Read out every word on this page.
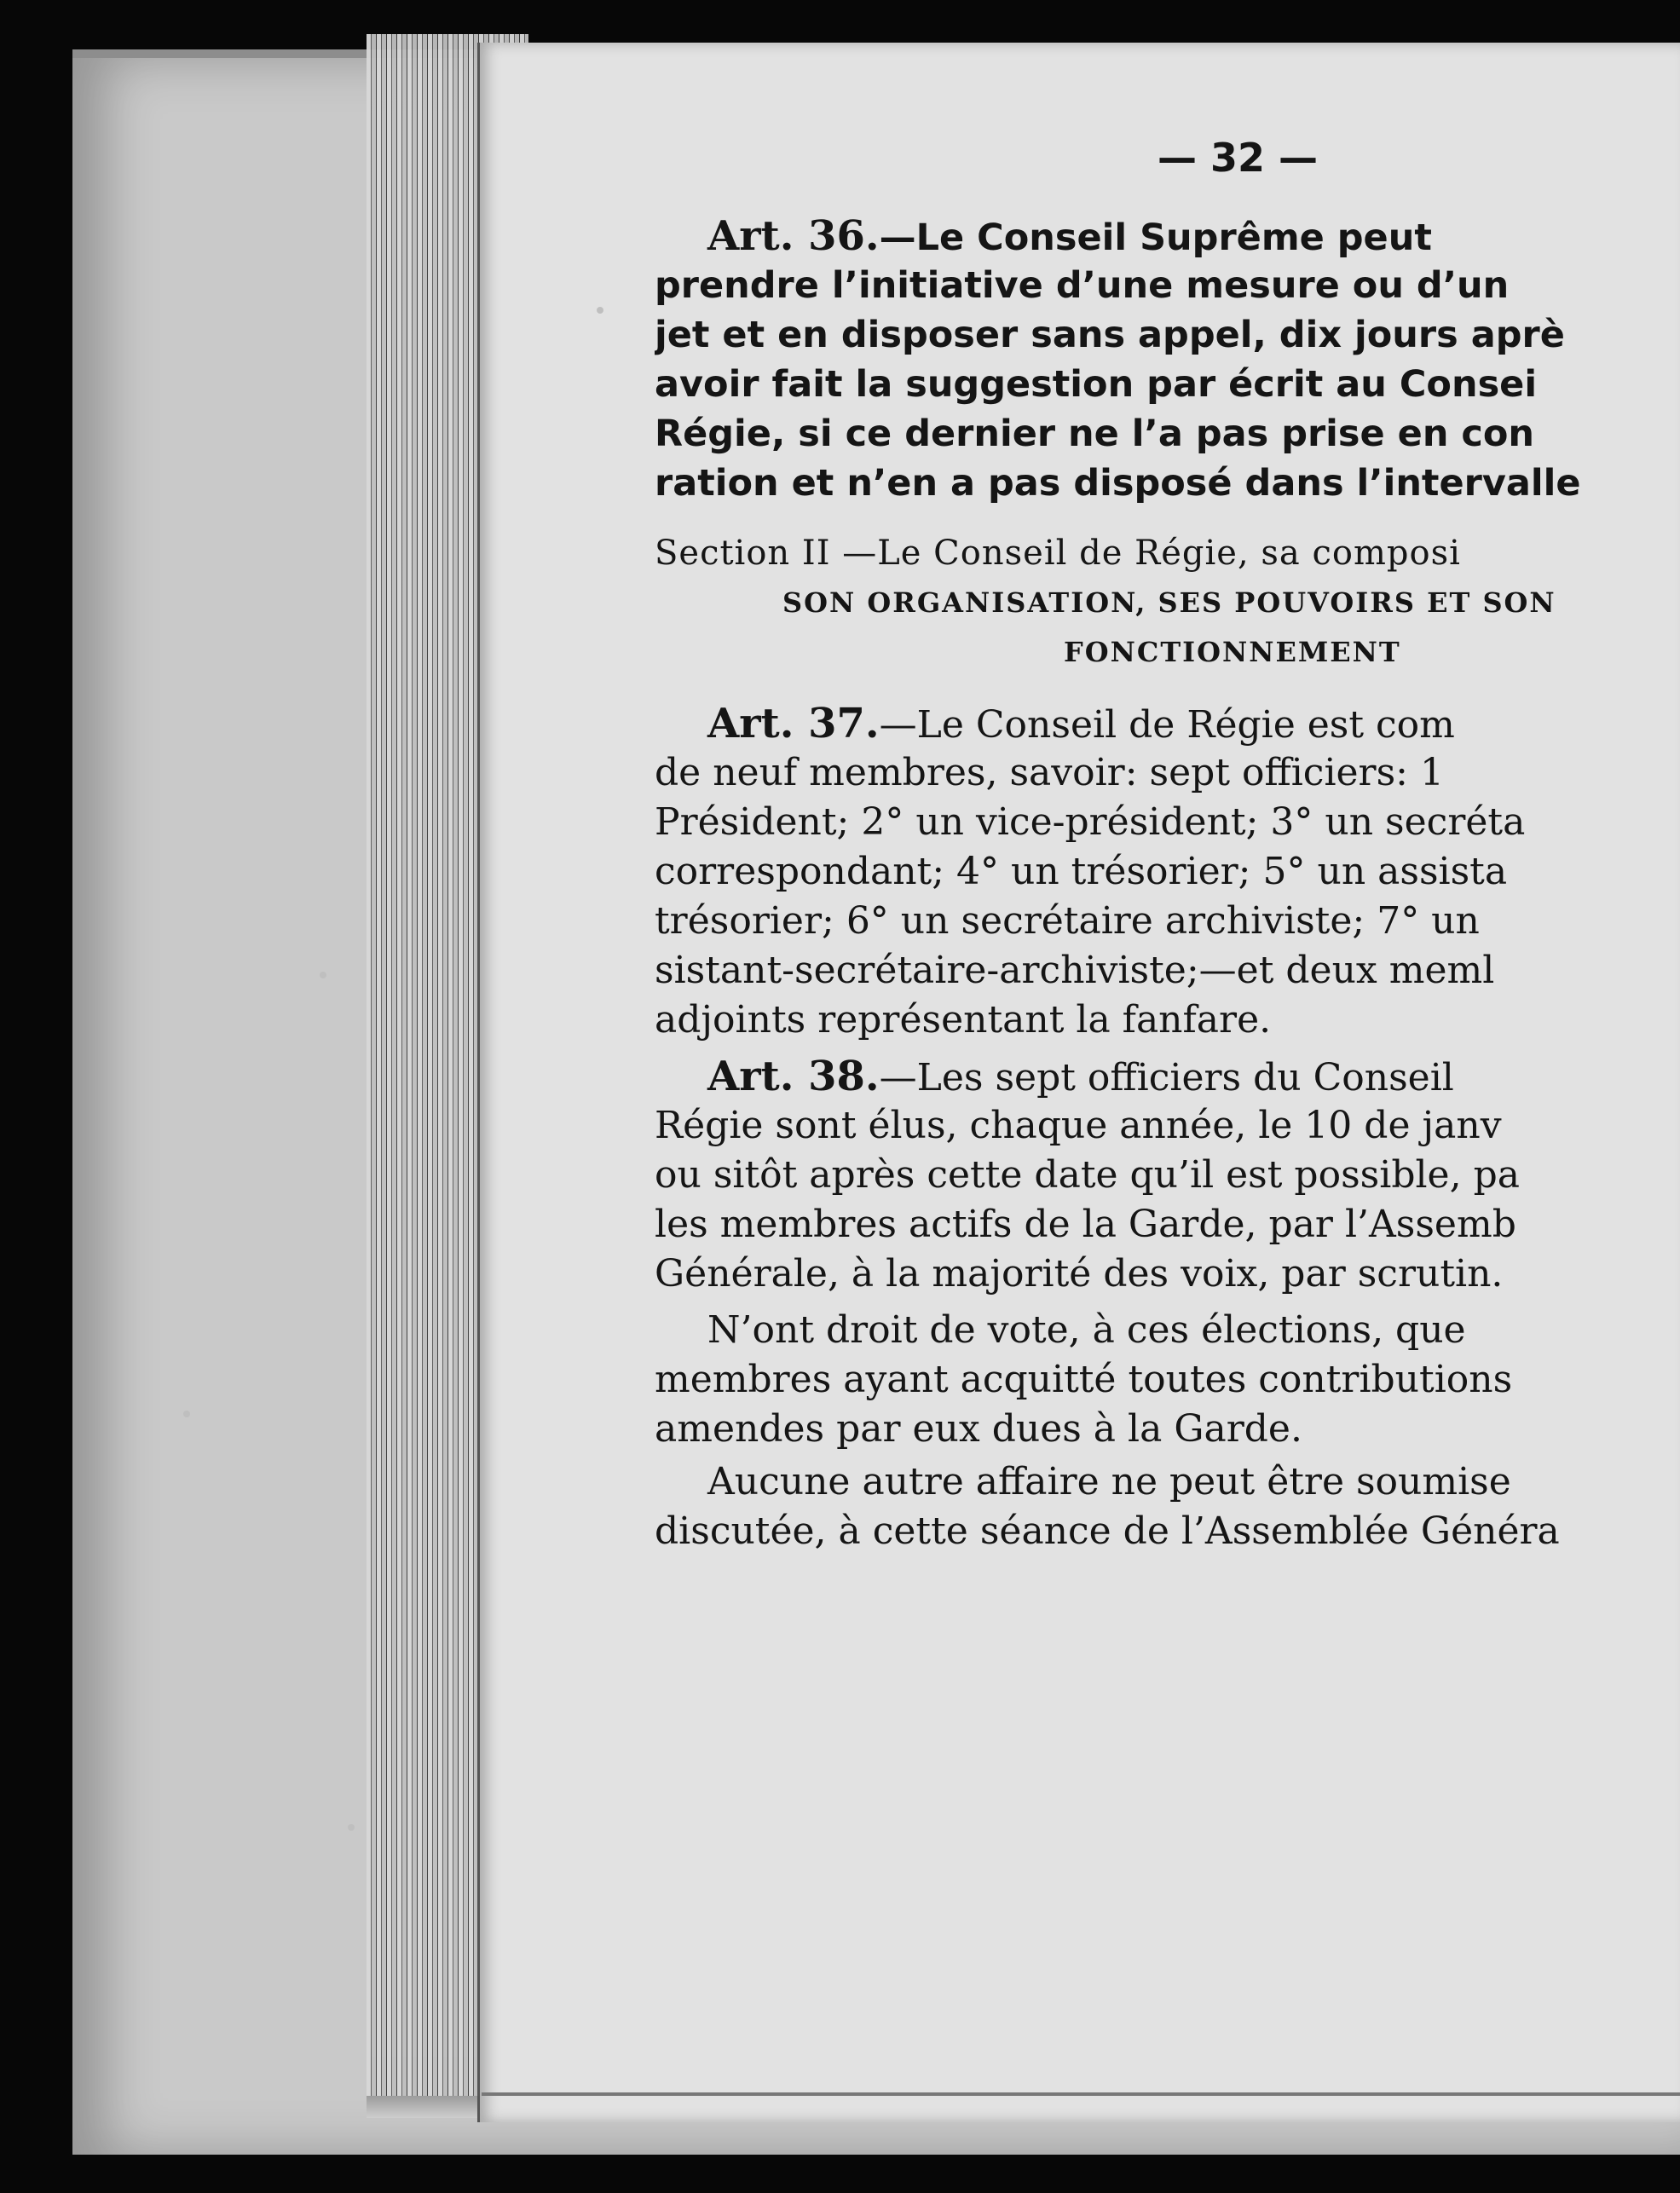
— 32 —
Art. 36.—Le Conseil Suprême peut
prendre l’initiative d’une mesure ou d’un
jet et en disposer sans appel, dix jours aprè
avoir fait la suggestion par écrit au Consei
Régie, si ce dernier ne l’a pas prise en con
ration et n’en a pas disposé dans l’intervalle
Section II —Le Conseil de Régie, sa composi
SON ORGANISATION, SES POUVOIRS ET SON
FONCTIONNEMENT
Art. 37.—Le Conseil de Régie est com
de neuf membres, savoir: sept officiers: 1
Président; 2° un vice-président; 3° un secréta
correspondant; 4° un trésorier; 5° un assista
trésorier; 6° un secrétaire archiviste; 7° un
sistant-secrétaire-archiviste;—et deux meml
adjoints représentant la fanfare.
Art. 38.—Les sept officiers du Conseil
Régie sont élus, chaque année, le 10 de janv
ou sitôt après cette date qu’il est possible, pa
les membres actifs de la Garde, par l’Assemb
Générale, à la majorité des voix, par scrutin.
N’ont droit de vote, à ces élections, que
membres ayant acquitté toutes contributions
amendes par eux dues à la Garde.
Aucune autre affaire ne peut être soumise
discutée, à cette séance de l’Assemblée Généra
